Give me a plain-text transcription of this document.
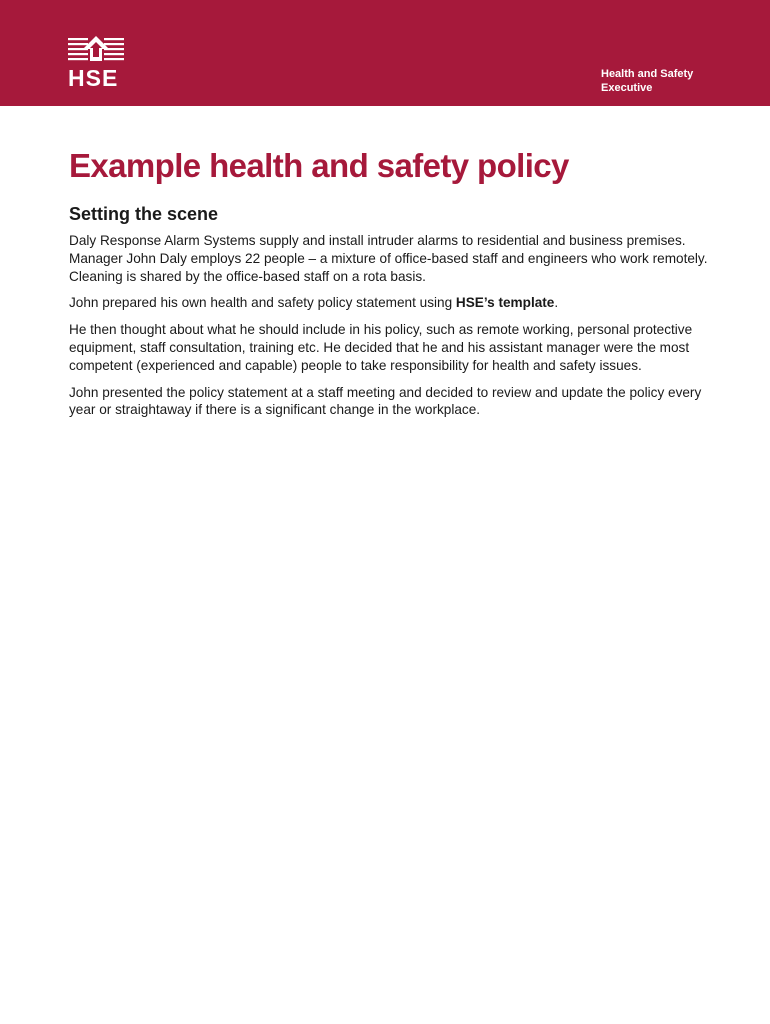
HSE	Health and Safety
Executive
Example health and safety policy
Setting the scene

Daly Response Alarm Systems supply and install intruder alarms to residential and business premises. Manager John Daly employs 22 people – a mixture of office-based staff and engineers who work remotely. Cleaning is shared by the office-based staff on a rota basis.

John prepared his own health and safety policy statement using HSE’s template.

He then thought about what he should include in his policy, such as remote working, personal protective equipment, staff consultation, training etc. He decided that he and his assistant manager were the most competent (experienced and capable) people to take responsibility for health and safety issues.

John presented the policy statement at a staff meeting and decided to review and update the policy every year or straightaway if there is a significant change in the workplace.
